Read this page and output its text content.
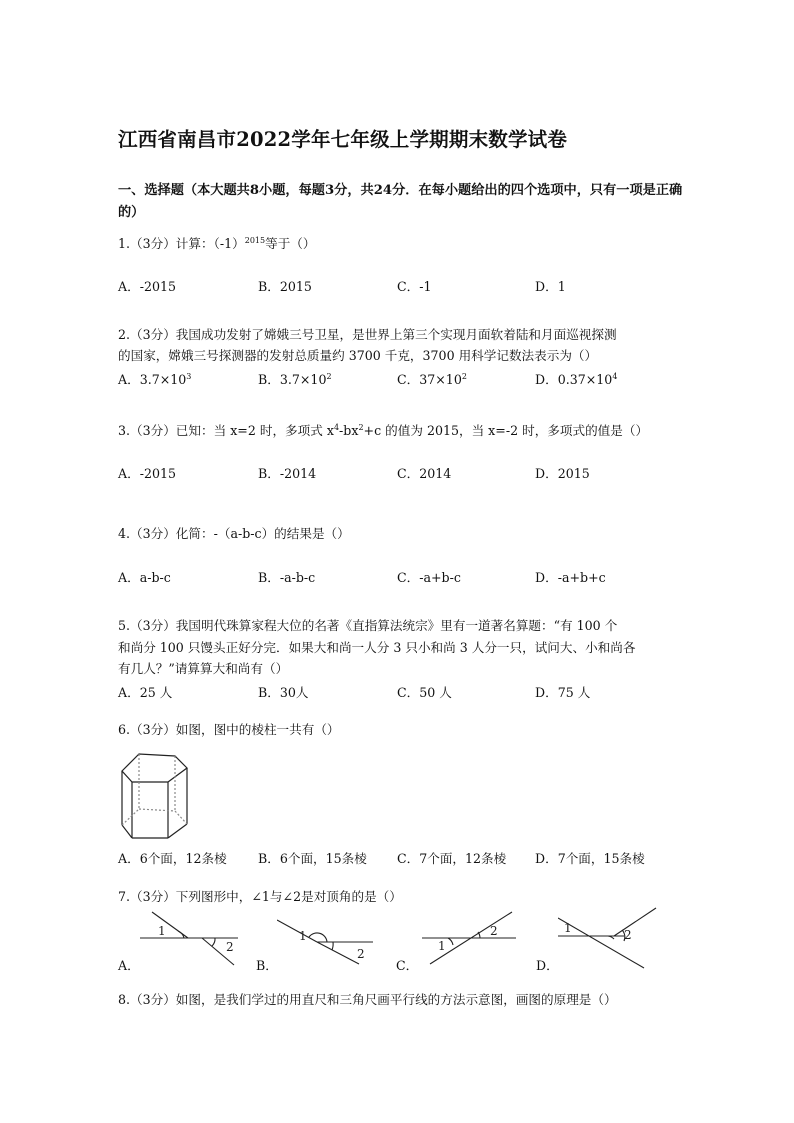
江西省南昌市2022学年七年级上学期期末数学试卷
一、选择题（本大题共8小题，每题3分，共24分．在每小题给出的四个选项中，只有一项是正确的）
1.（3分）计算：$(-1)^{2015}$等于（）
A．-2015	B．2015	C．-1	D．1
2.（3分）我国成功发射了嫦娥三号卫星，是世界上第三个实现月面软着陆和月面巡视探测
的国家，嫦娥三号探测器的发射总质量约 3700 千克，3700 用科学记数法表示为（）
A．$3.7\times 10^3$	B．$3.7\times 10^2$	C．$37\times 10^2$	D．$0.37\times 10^4$
3.（3分）已知：当 x=2 时，多项式 $x^4-bx^2+c$ 的值为 2015，当 x=-2 时，多项式的值是（）
A．-2015	B．-2014	C．2014	D．2015
4.（3分）化简：-（a-b-c）的结果是（）
A．a-b-c	B．-a-b-c	C．-a+b-c	D．-a+b+c
5.（3分）我国明代珠算家程大位的名著《直指算法统宗》里有一道著名算题：“有 100 个
和尚分 100 只馒头正好分完．如果大和尚一人分 3 只小和尚 3 人分一只，试问大、小和尚各
有几人？”请算算大和尚有（）
A．25 人	B．30人	C．50 人	D．75 人
6.（3分）如图，图中的棱柱一共有（）
A．6个面，12条棱 B．6个面，15条棱 C．7个面，12条棱 D．7个面，15条棱
7.（3分）下列图形中，∠1与∠2是对顶角的是（）
A．
1
2
B．
1
2
C．
1
2
D．
1	2
8.（3分）如图，是我们学过的用直尺和三角尺画平行线的方法示意图，画图的原理是（）
